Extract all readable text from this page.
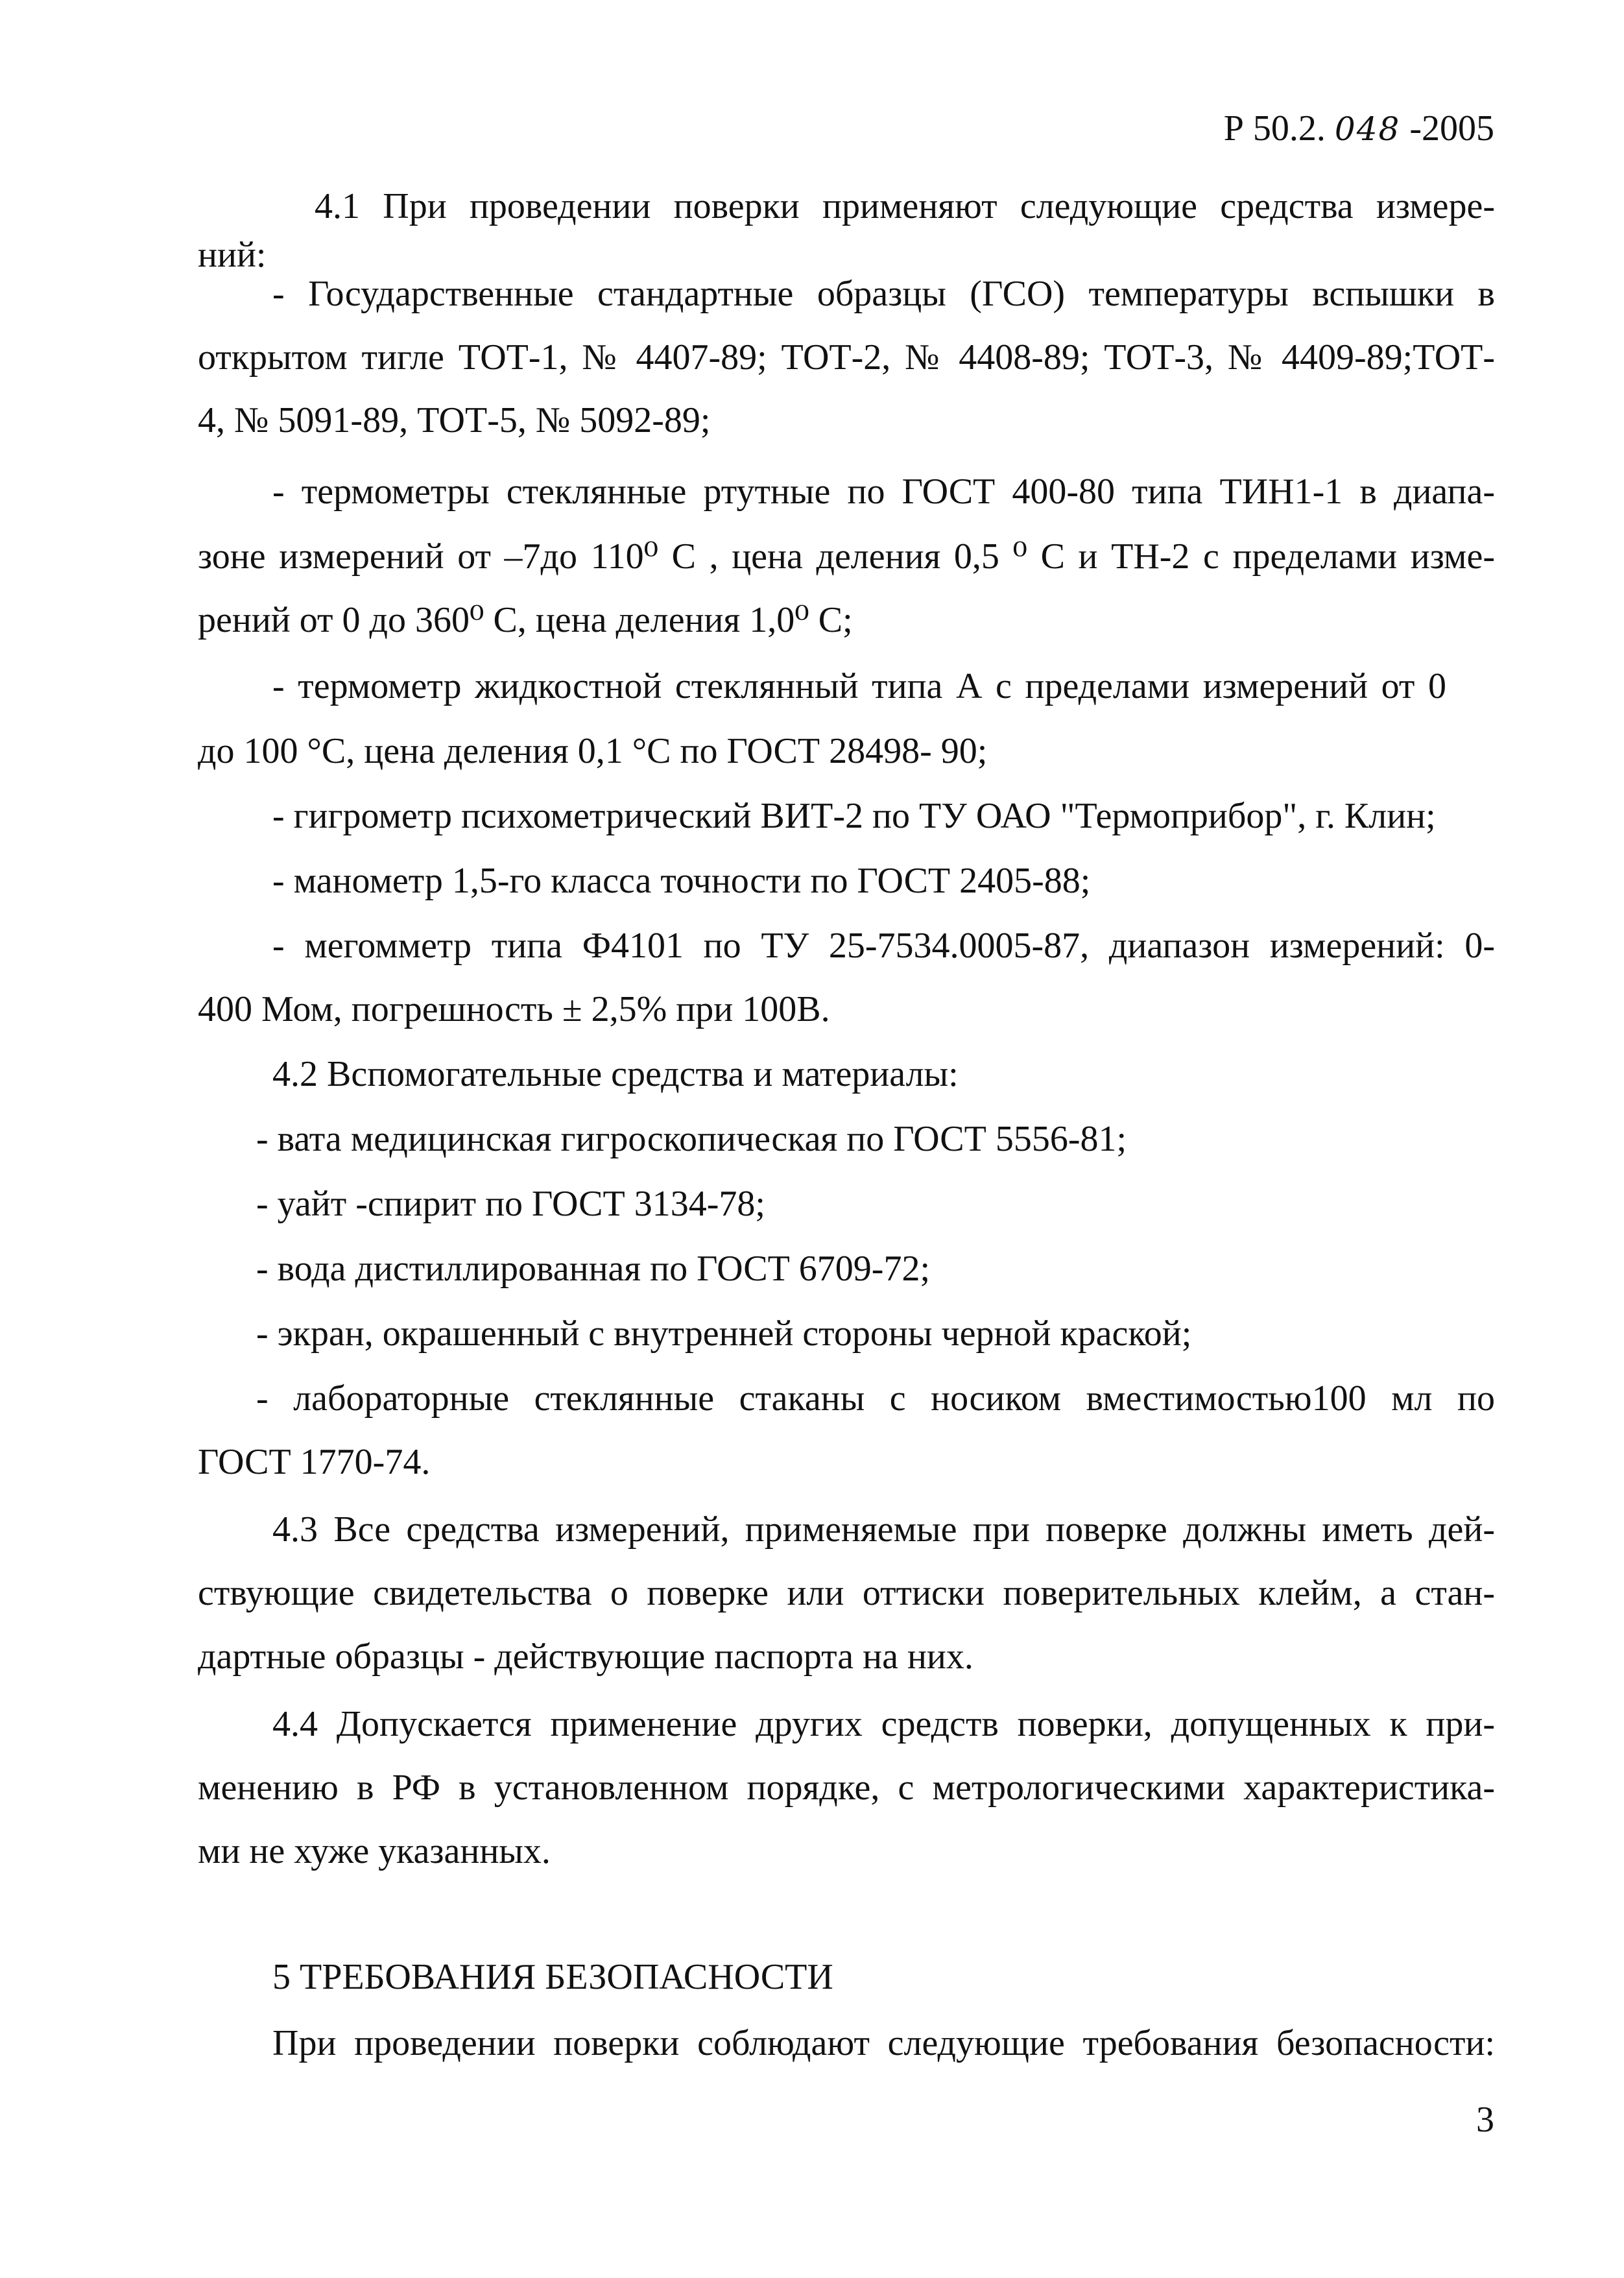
Р 50.2. 048 -2005

4.1 При проведении поверки применяют следующие средства измере-

ний:

- Государственные стандартные образцы (ГСО) температуры вспышки в

открытом тигле ТОТ-1, № 4407-89; ТОТ-2, № 4408-89; ТОТ-3, № 4409-89;ТОТ-

4, № 5091-89, ТОТ-5, № 5092-89;

- термометры стеклянные ртутные по ГОСТ 400-80 типа ТИН1-1 в диапа-

зоне измерений от –7до 110⁰ С , цена деления 0,5 ⁰ С и ТН-2 с пределами изме-

рений от 0 до 360⁰ С, цена деления 1,0⁰ С;

- термометр жидкостной стеклянный типа А с пределами измерений от 0

до 100 °С, цена деления 0,1 °С по ГОСТ 28498- 90;

- гигрометр психометрический ВИТ-2 по ТУ ОАО "Термоприбор", г. Клин;

- манометр 1,5-го класса точности по ГОСТ 2405-88;

- мегомметр типа Ф4101 по ТУ 25-7534.0005-87, диапазон измерений: 0-

400 Мом, погрешность ± 2,5% при 100В.

4.2 Вспомогательные средства и материалы:

- вата медицинская гигроскопическая по ГОСТ 5556-81;

- уайт -спирит по ГОСТ 3134-78;

- вода дистиллированная по ГОСТ 6709-72;

- экран, окрашенный с внутренней стороны черной краской;

- лабораторные стеклянные стаканы с носиком вместимостью100 мл по

ГОСТ 1770-74.

4.3 Все средства измерений, применяемые при поверке должны иметь дей-

ствующие свидетельства о поверке или оттиски поверительных клейм, а стан-

дартные образцы - действующие паспорта на них.

4.4 Допускается применение других средств поверки, допущенных к при-

менению в РФ в установленном порядке, с метрологическими характеристика-

ми не хуже указанных.

5 ТРЕБОВАНИЯ БЕЗОПАСНОСТИ

При проведении поверки соблюдают следующие требования безопасности:

3
